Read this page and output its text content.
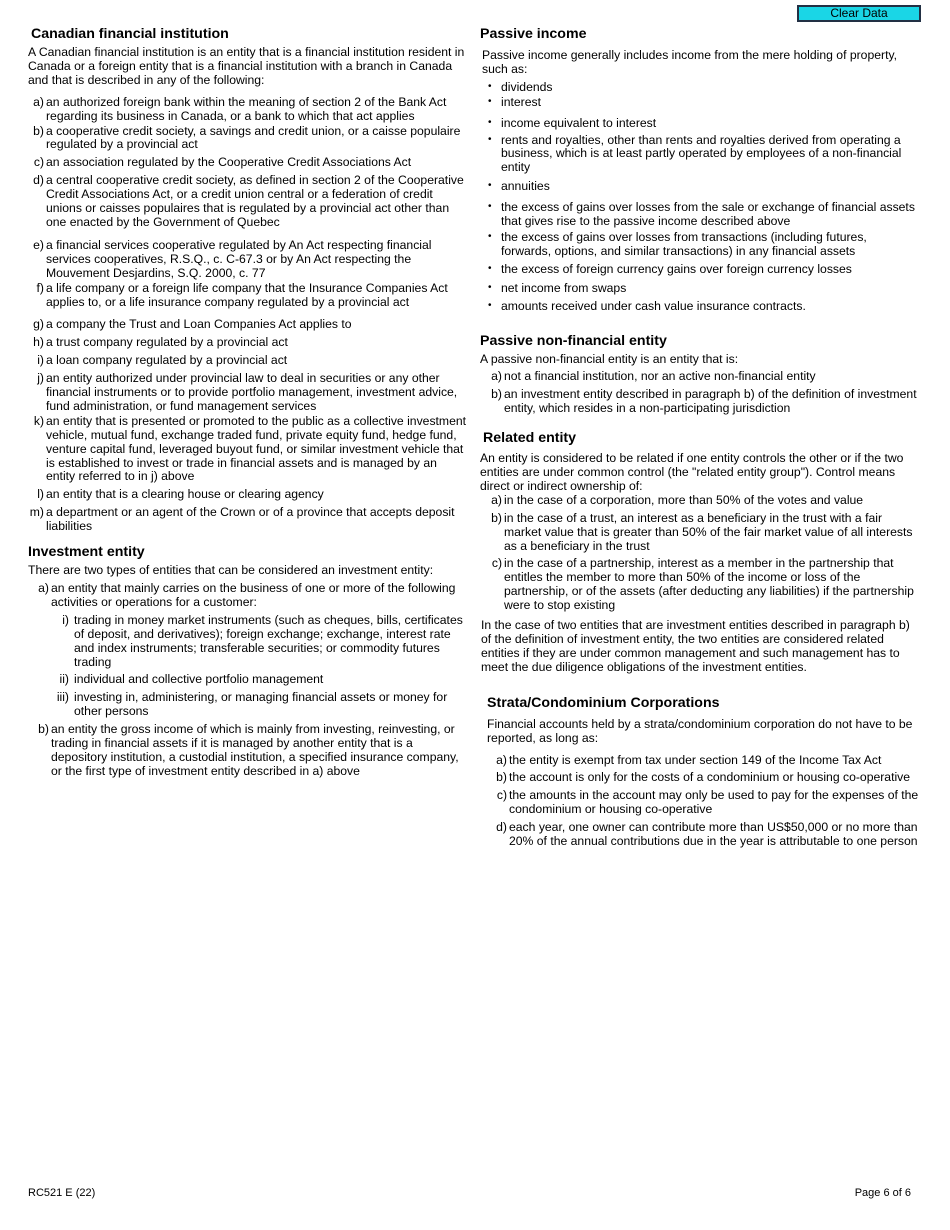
Clear Data
Canadian financial institution

A Canadian financial institution is an entity that is a financial institution resident in Canada or a foreign entity that is a financial institution with a branch in Canada and that is described in any of the following:

a) an authorized foreign bank within the meaning of section 2 of the Bank Act regarding its business in Canada, or a bank to which that act applies
b) a cooperative credit society, a savings and credit union, or a caisse populaire regulated by a provincial act
c) an association regulated by the Cooperative Credit Associations Act
d) a central cooperative credit society, as defined in section 2 of the Cooperative Credit Associations Act, or a credit union central or a federation of credit unions or caisses populaires that is regulated by a provincial act other than one enacted by the Government of Quebec
e) a financial services cooperative regulated by An Act respecting financial services cooperatives, R.S.Q., c. C-67.3 or by An Act respecting the Mouvement Desjardins, S.Q. 2000, c. 77
f) a life company or a foreign life company that the Insurance Companies Act applies to, or a life insurance company regulated by a provincial act
g) a company the Trust and Loan Companies Act applies to
h) a trust company regulated by a provincial act
i) a loan company regulated by a provincial act
j) an entity authorized under provincial law to deal in securities or any other financial instruments or to provide portfolio management, investment advice, fund administration, or fund management services
k) an entity that is presented or promoted to the public as a collective investment vehicle, mutual fund, exchange traded fund, private equity fund, hedge fund, venture capital fund, leveraged buyout fund, or similar investment vehicle that is established to invest or trade in financial assets and is managed by an entity referred to in j) above
l) an entity that is a clearing house or clearing agency
m) a department or an agent of the Crown or of a province that accepts deposit liabilities
Investment entity

There are two types of entities that can be considered an investment entity:

a) an entity that mainly carries on the business of one or more of the following activities or operations for a customer:
i) trading in money market instruments (such as cheques, bills, certificates of deposit, and derivatives); foreign exchange; exchange, interest rate and index instruments; transferable securities; or commodity futures trading
ii) individual and collective portfolio management
iii) investing in, administering, or managing financial assets or money for other persons
b) an entity the gross income of which is mainly from investing, reinvesting, or trading in financial assets if it is managed by another entity that is a depository institution, a custodial institution, a specified insurance company, or the first type of investment entity described in a) above
Passive income

Passive income generally includes income from the mere holding of property, such as:

• dividends
• interest
• income equivalent to interest
• rents and royalties, other than rents and royalties derived from operating a business, which is at least partly operated by employees of a non-financial entity
• annuities
• the excess of gains over losses from the sale or exchange of financial assets that gives rise to the passive income described above
• the excess of gains over losses from transactions (including futures, forwards, options, and similar transactions) in any financial assets
• the excess of foreign currency gains over foreign currency losses
• net income from swaps
• amounts received under cash value insurance contracts.
Passive non-financial entity

A passive non-financial entity is an entity that is:

a) not a financial institution, nor an active non-financial entity
b) an investment entity described in paragraph b) of the definition of investment entity, which resides in a non-participating jurisdiction
Related entity

An entity is considered to be related if one entity controls the other or if the two entities are under common control (the "related entity group"). Control means direct or indirect ownership of:

a) in the case of a corporation, more than 50% of the votes and value
b) in the case of a trust, an interest as a beneficiary in the trust with a fair market value that is greater than 50% of the fair market value of all interests as a beneficiary in the trust
c) in the case of a partnership, interest as a member in the partnership that entitles the member to more than 50% of the income or loss of the partnership, or of the assets (after deducting any liabilities) if the partnership were to stop existing

In the case of two entities that are investment entities described in paragraph b) of the definition of investment entity, the two entities are considered related entities if they are under common management and such management has to meet the due diligence obligations of the investment entities.

Strata/Condominium Corporations

Financial accounts held by a strata/condominium corporation do not have to be reported, as long as:

a) the entity is exempt from tax under section 149 of the Income Tax Act
b) the account is only for the costs of a condominium or housing co-operative
c) the amounts in the account may only be used to pay for the expenses of the condominium or housing co-operative
d) each year, one owner can contribute more than US$50,000 or no more than 20% of the annual contributions due in the year is attributable to one person
RC521 E (22)	Page 6 of 6
